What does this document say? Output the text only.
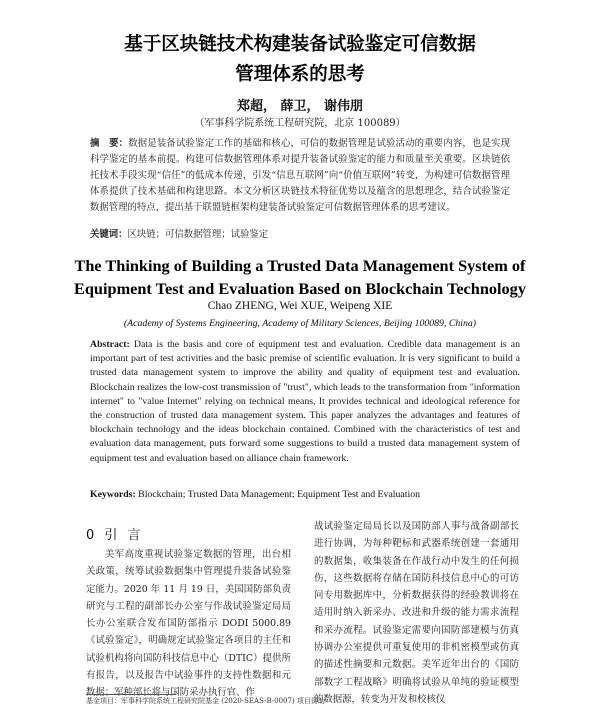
基于区块链技术构建装备试验鉴定可信数据
管理体系的思考
郑超， 薛卫， 谢伟朋
（军事科学院系统工程研究院，北京 100089）
摘　要：数据是装备试验鉴定工作的基础和核心，可信的数据管理是试验活动的重要内容，也是实现科学鉴定的基本前提。构建可信数据管理体系对提升装备试验鉴定的能力和质量至关重要。区块链依托技术手段实现“信任”的低成本传递，引发“信息互联网”向“价值互联网”转变，为构建可信数据管理体系提供了技术基础和构建思路。本文分析区块链技术特征优势以及蕴含的思想理念，结合试验鉴定数据管理的特点，提出基于联盟链框架构建装备试验鉴定可信数据管理体系的思考建议。
关键词：区块链；可信数据管理；试验鉴定
The Thinking of Building a Trusted Data Management System of
Equipment Test and Evaluation Based on Blockchain Technology
Chao ZHENG, Wei XUE, Weipeng XIE
(Academy of Systems Engineering, Academy of Military Sciences, Beijing 100089, China)
Abstract: Data is the basis and core of equipment test and evaluation. Credible data management is an important part of test activities and the basic premise of scientific evaluation. It is very significant to build a trusted data management system to improve the ability and quality of equipment test and evaluation. Blockchain realizes the low-cost transmission of "trust", which leads to the transformation from "information internet" to "value Internet" relying on technical means, It provides technical and ideological reference for the construction of trusted data management system. This paper analyzes the advantages and features of blockchain technology and the ideas blockchain contained. Combined with the characteristics of test and evaluation data management, puts forward some suggestions to build a trusted data management system of equipment test and evaluation based on alliance chain framework.
Keywords: Blockchain; Trusted Data Management; Equipment Test and Evaluation
0 引 言
美军高度重视试验鉴定数据的管理，出台相关政策，统筹试验数据集中管理提升装备试验鉴定能力。2020 年 11 月 19 日，美国国防部负责研究与工程的副部长办公室与作战试验鉴定局局长办公室联合发布国防部指示 DODI 5000.89《试验鉴定》，明确规定试验鉴定各项目的主任和试验机构将向国防科技信息中心（DTIC）提供所有报告，以及报告中试验事件的支持性数据和元数据；军种部长将与国防采办执行官、作
战试验鉴定局局长以及国防部人事与战备副部长进行协调，为每种靶标和武器系统创建一套通用的数据集，收集装备在作战行动中发生的任何损伤，这些数据将存储在国防科技信息中心的可访问专用数据库中，分析数据获得的经验教训将在适用时纳入新采办、改进和升级的能力需求流程和采办流程。试验鉴定需要向国防部建模与仿真协调办公室提供可重复使用的非机密模型或仿真的描述性摘要和元数据。美军近年出台的《国防部数字工程战略》明确将试验从单纯的验证模型的数据源，转变为开发和校核仪
基金项目：军事科学院系统工程研究院基金 (2020-SEAS-B-0007) 项目资助
